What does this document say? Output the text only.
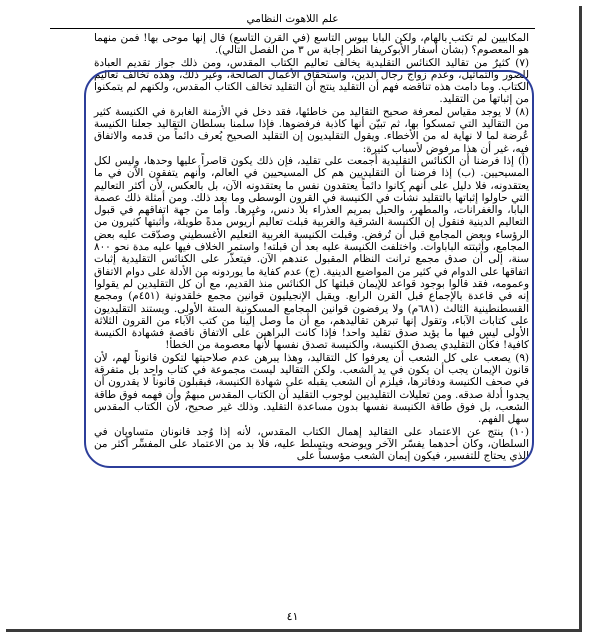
علم اللاهوت النظامي

المكابيين لم تكتب بالهام، ولكن البابا بيوس التاسع (في القرن التاسع) قال إنها موحى بها! فمن منهما هو المعصوم؟ (بشأن أسفار الأبوكريفا انظر إجابة س ٣ من الفصل التالي).

(٧) كثيرٌ من تقاليد الكنائس التقليدية يخالف تعاليم الكتاب المقدس، ومن ذلك جواز تقديم العبادة للصور والتماثيل، وعدم زواج رجال الدين، واستحقاق الأعمال الصالحة، وغير ذلك، وهذه تخالف تعاليم الكتاب. وما دامت هذه تناقضه فهم أن التقليد ينتج أن التقليد تخالف الكتاب المقدس، ولكنهم لم يتمكنوا من إثباتها من التقليد.

(٨) لا يوجد مقياس لمعرفة صحيح التقاليد من خاطئها، فقد دخل في الأزمنة الغابرة في الكنيسة كثير من التقاليد التي تمسكوا بها، ثم تبيّن أنها كاذبة فرفضوها. فإذا سلمنا بسلطان التقاليد جعلنا الكنيسة عُرضة لما لا نهاية له من الأخطاء. ويقول التقليديون إن التقليد الصحيح يُعرف دائماً من قدمه والاتفاق فيه، غير أن هذا مرفوض لأسباب كثيرة:

(أ) إذا فرضنا أن الكنائس التقليدية أجمعت على تقليد، فإن ذلك يكون قاصراً عليها وحدها، وليس لكل المسيحيين. (ب) إذا فرضنا أن التقليديين هم كل المسيحيين في العالم، وأنهم يتفقون الآن في ما يعتقدونه، فلا دليل على أنهم كانوا دائماً يعتقدون نفس ما يعتقدونه الآن، بل بالعكس، لأن أكثر التعاليم التي حاولوا إثباتها بالتقليد نشأت في الكنيسة في القرون الوسطى وما بعد ذلك. ومن أمثلة ذلك عصمة البابا، والغفرانات، والمطهر، والحبل بمريم العذراء بلا دنس، وغيرها. وأما من جهة اتفاقهم في قبول التعاليم الدينية فنقول إن الكنيسة الشرقية والغربية قبلت تعاليم أريوس مدةً طويلة، وأثبتها كثيرون من الرؤساء وبعض المجامع قبل أن تُرفض. وقبلت الكنيسة الغربية التعليم الأغسطيني وصدّقت عليه بعض المجامع، وأثبتته الباباوات. واختلفت الكنيسة عليه بعد أن قبلته! واستمر الخلاف فيها عليه مدة نحو ٨٠٠ سنة، إلى أن صدق مجمع ترانت النظام المقبول عندهم الآن. فيتعذّر على الكنائس التقليدية إثبات اتفاقها على الدوام في كثير من المواضيع الدينية. (ج) عدم كفاية ما يوردونه من الأدلة على دوام الاتفاق وعمومه، فقد قالوا بوجود قواعد للإيمان قبلتها كل الكنائس منذ القديم، مع أن كل التقليدين لم يقولوا إنه في قاعدة بالإجماع قبل القرن الرابع. ويقبل الإنجيليون قوانين مجمع خلقدونية (٤٥١م) ومجمع القسطنطينية الثالث (٦٨١م) ولا يرفضون قوانين المجامع المسكونية الستة الأولى. ويستند التقليديون على كتابات الآباء، وتقول إنها تبرهن تقاليدهم، مع أن ما وصل إلينا من كتب الآباء من القرون الثلاثة الأولى ليس فيها ما يؤيد صدق تقليد واحد! فإذا كانت البراهين على الاتفاق ناقصة فشهادة الكنيسة كافية! فكأن التقليدي يصدق الكنيسة، والكنيسة تصدق نفسها لأنها معصومة من الخطأ!

(٩) يصعب على كل الشعب أن يعرفوا كل التقاليد، وهذا يبرهن عدم صلاحيتها لتكون قانوناً لهم، لأن قانون الإيمان يجب أن يكون في يد الشعب. ولكن التقاليد ليست مجموعة في كتاب واحد بل متفرقة في صحف الكنيسة ودفاترها، فيلزم أن الشعب يقبله على شهادة الكنيسة، فيقبلون قانوناً لا يقدرون أن يجدوا أدلة صدقه. ومن تعليلات التقليديين لوجوب التقليد أن الكتاب المقدس مبهمٌ وأن فهمه فوق طاقة الشعب، بل فوق طاقة الكنيسة نفسها بدون مساعدة التقليد. وذلك غير صحيح، لأن الكتاب المقدس سهل الفهم.

(١٠) ينتج عن الاعتماد على التقاليد إهمال الكتاب المقدس، لأنه إذا وُجد قانونان متساويان في السلطان، وكان أحدهما يفسّر الآخر ويوضحه ويتسلط عليه، فلا بد من الاعتماد على المفسِّر أكثر من الذي يحتاج للتفسير، فيكون إيمان الشعب مؤسساً على

٤١
